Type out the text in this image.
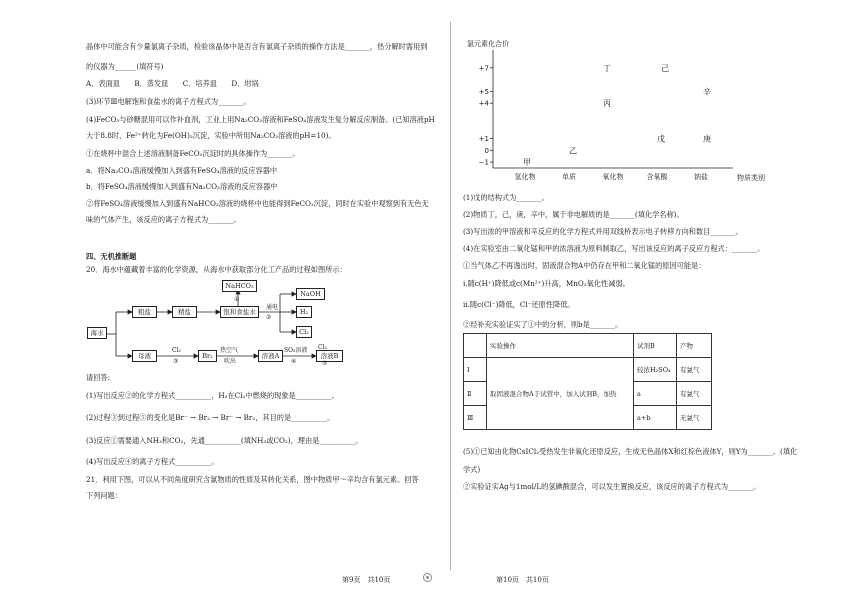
晶体中可能含有少量氯离子杂质，检验该晶体中是否含有氯离子杂质的操作方法是_______，热分解时需用到
的仪器为______(填符号)
A．表面皿　　B．蒸发皿　　C．培养皿　　D．坩埚
(3)环节Ⅲ电解饱和食盐水的离子方程式为_______。
(4)FeCO₃与砂糖混用可以作补血剂，工业上用Na₂CO₃溶液和FeSO₄溶液发生复分解反应制备。(已知溶液pH
大于8.8时，Fe²⁺转化为Fe(OH)₂沉淀，实验中所用Na₂CO₃溶液的pH=10)。
①在烧杯中混合上述溶液制备FeCO₃沉淀时的具体操作为_______。
a．将Na₂CO₃溶液缓慢加入到盛有FeSO₄溶液的反应容器中
b．将FeSO₄溶液缓慢加入到盛有Na₂CO₃溶液的反应容器中
②将FeSO₄溶液缓慢加入到盛有NaHCO₃溶液的烧杯中也能得到FeCO₃沉淀，同时在实验中观察到有无色无
味的气体产生，该反应的离子方程式为_______。
四、无机推断题
20．海水中蕴藏着丰富的化学资源，从海水中获取部分化工产品的过程如图所示：
海水
粗盐	精盐	饱和食盐水
NaHCO₃
NaOH
H₂
Cl₂
母液	Br₂	溶液A	溶液B
①
通电
②
Cl₂
③
热空气
吹出
SO₂溶液
④
Cl₂
⑤
请回答:
(1)写出反应②的化学方程式__________，H₂在Cl₂中燃烧的现象是__________。
(2)过程③到过程⑤的变化是Br⁻ → Br₂ → Br⁻ → Br₂，其目的是__________。
(3)反应①需要通入NH₃和CO₂，先通__________(填NH₃或CO₂)，理由是__________。
(4)写出反应④的离子方程式__________。
21．利用下图，可以从不同角度研究含氯物质的性质及其转化关系，图中物质甲～辛均含有氯元素。回答
下列问题：
第9页　共10页	第10页　共10页
氯元素化合价
−1
0
+1
+4
+5
+7
氢化物	单质	氧化物	含氧酸	钠盐	物质类别
甲
乙
丙
丁
戊
己
庚
辛
(1)戊的结构式为_______。
(2)物质丁，己，庚，辛中，属于非电解质的是_______(填化学名称)。
(3)写出浓的甲溶液和辛反应的化学方程式并用双线桥表示电子转移方向和数目_______。
(4)在实验室由二氧化锰和甲的浓溶液为原料制取乙，写出该反应的离子反应方程式：_______。
①当气体乙不再逸出时，固液混合物A中仍存在甲和二氧化锰的原因可能是：
ⅰ.随c(H⁺)降低或c(Mn²⁺)升高，MnO₂氧化性减弱。
ⅱ.随c(Cl⁻)降低，Cl⁻还原性降低。
②经补充实验证实了①中的分析，则b是_______。
(5)①已知由化物CsICl₂受热发生非氧化还原反应，生成无色晶体X和红棕色液体Y，则Y为_______。(填化
学式)
②实验证实Ag与1mol/L的氢碘酸混合，可以发生置换反应，该反应的离子方程式为_______。
	实验操作	试剂B	产物
Ⅰ	取固液混合物A于试管中，加入试剂B，加热	较浓H₂SO₄	有氯气
Ⅱ		a	有氯气
Ⅲ		a+b	无氯气
